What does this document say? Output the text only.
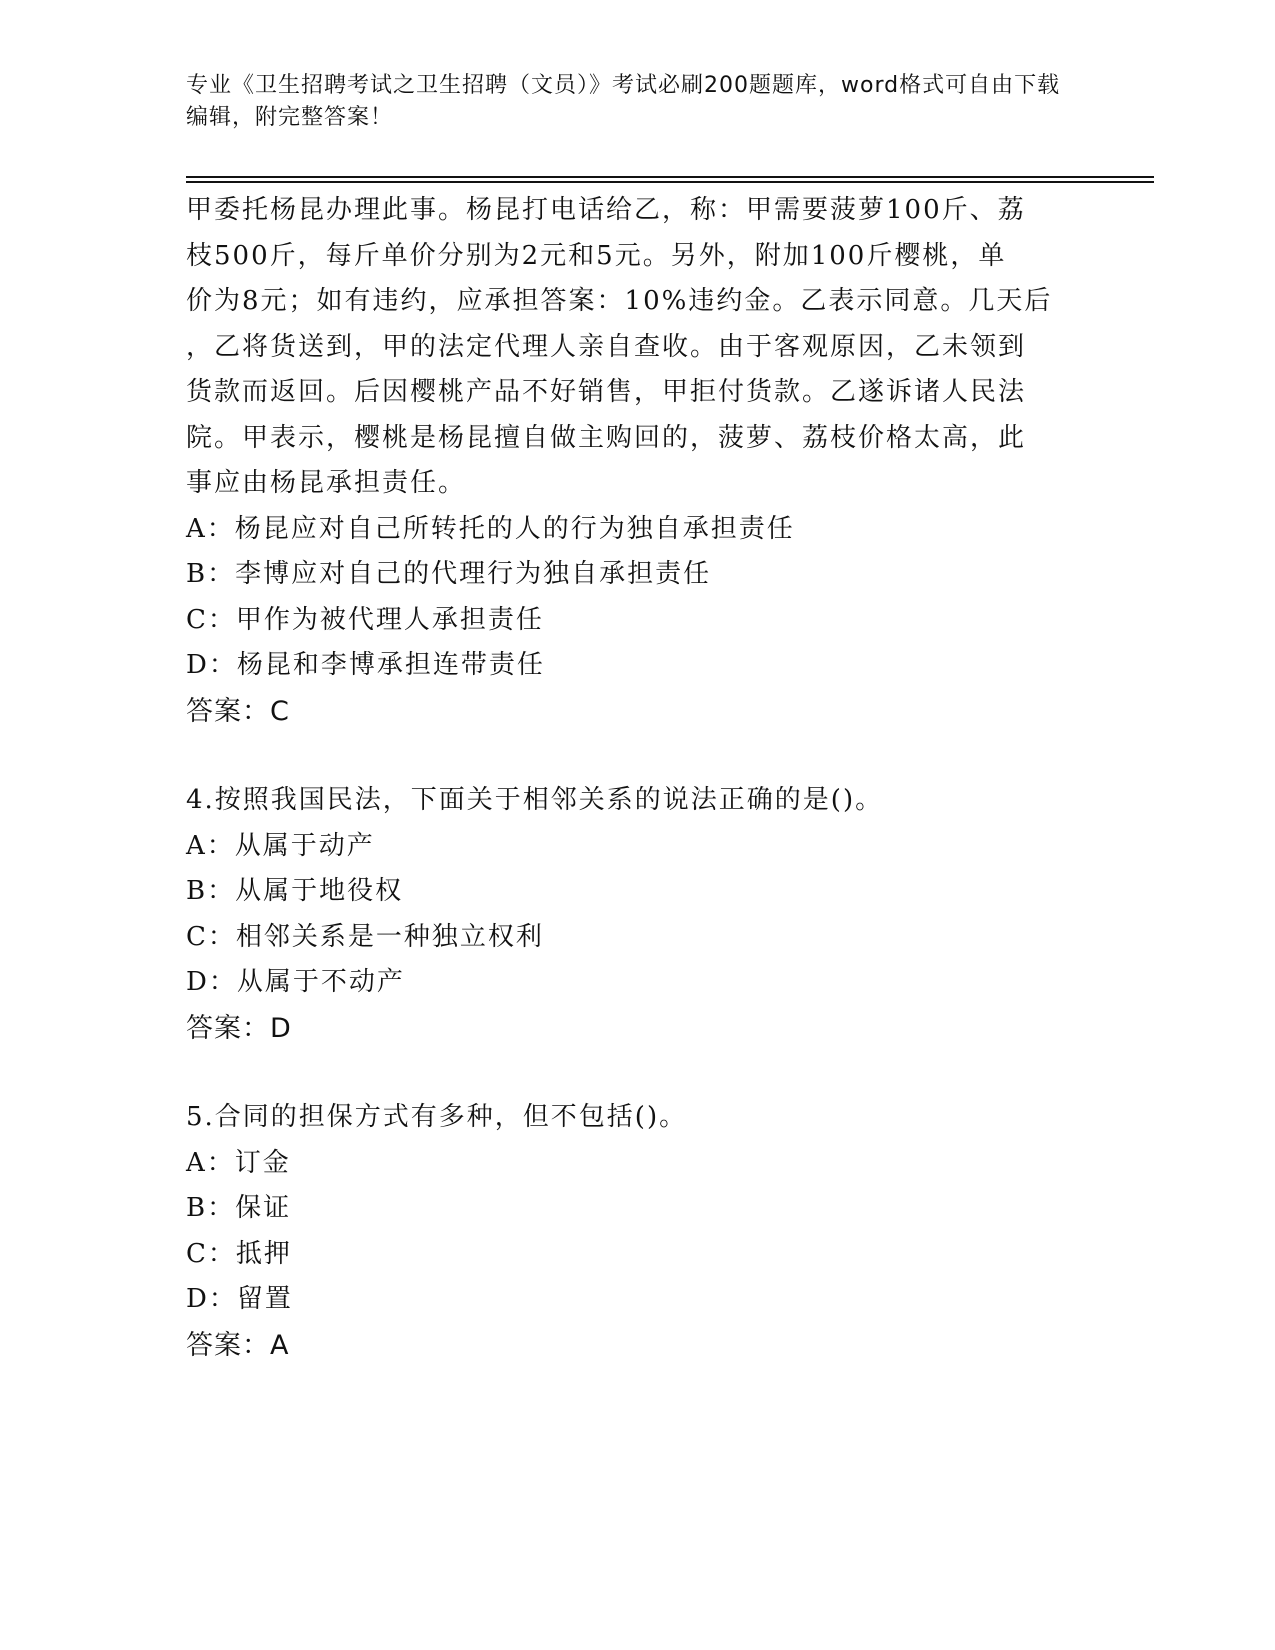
专业《卫生招聘考试之卫生招聘（文员）》考试必刷200题题库，word格式可自由下载编辑，附完整答案！

甲委托杨昆办理此事。杨昆打电话给乙，称：甲需要菠萝100斤、荔

枝500斤，每斤单价分别为2元和5元。另外，附加100斤樱桃，单

价为8元；如有违约，应承担答案：10%违约金。乙表示同意。几天后

，乙将货送到，甲的法定代理人亲自查收。由于客观原因，乙未领到

货款而返回。后因樱桃产品不好销售，甲拒付货款。乙遂诉诸人民法

院。甲表示，樱桃是杨昆擅自做主购回的，菠萝、荔枝价格太高，此

事应由杨昆承担责任。

A：杨昆应对自己所转托的人的行为独自承担责任

B：李博应对自己的代理行为独自承担责任

C：甲作为被代理人承担责任

D：杨昆和李博承担连带责任

答案：C

4.按照我国民法，下面关于相邻关系的说法正确的是()。

A：从属于动产

B：从属于地役权

C：相邻关系是一种独立权利

D：从属于不动产

答案：D

5.合同的担保方式有多种，但不包括()。

A：订金

B：保证

C：抵押

D：留置

答案：A
